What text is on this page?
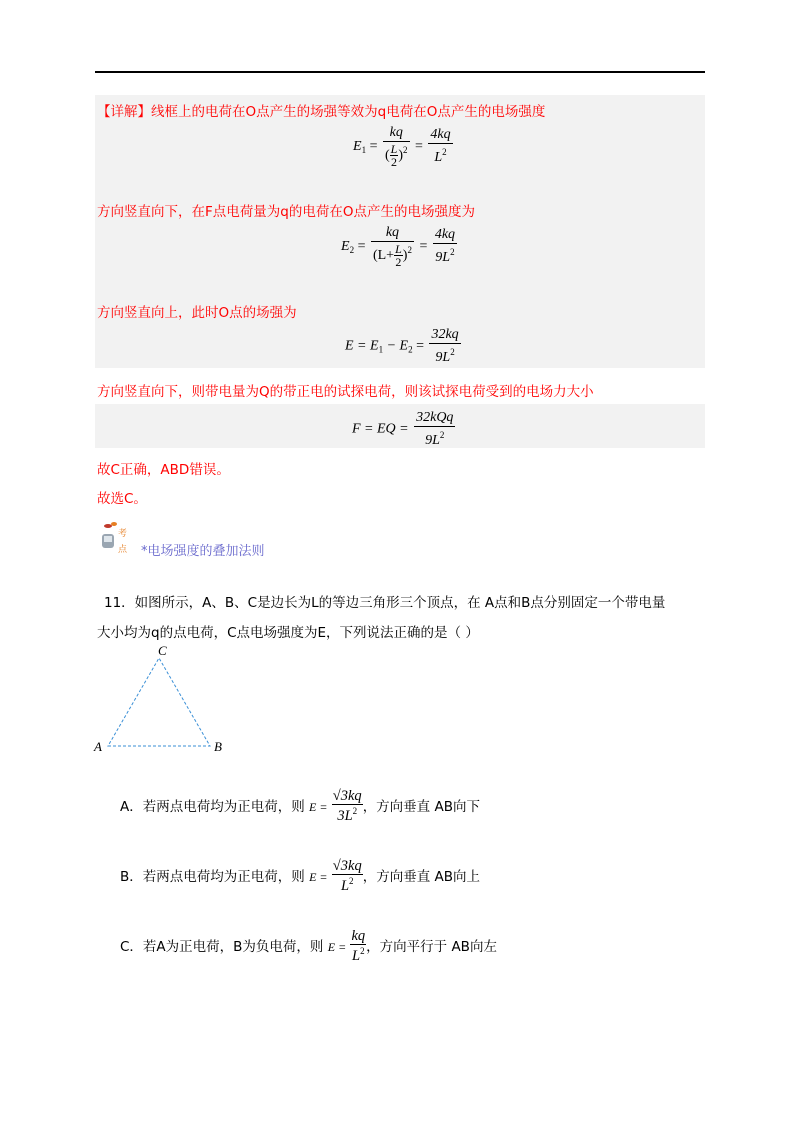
【详解】线框上的电荷在O点产生的场强等效为q电荷在O点产生的电场强度
$E_1 = \frac{kq}{( \frac{L}{2} )^2} = \frac{4kq}{L^2}$
方向竖直向下，在F点电荷量为q的电荷在O点产生的电场强度为
$E_2 = \frac{kq}{(L+ \frac{L}{2} )^2} = \frac{4kq}{9L^2}$
方向竖直向上，此时O点的场强为
$E = E_1 - E_2 = \frac{32kq}{9L^2}$
方向竖直向下，则带电量为Q的带正电的试探电荷，则该试探电荷受到的电场力大小
F = EQ = $\frac{\text{32kQq}}{9L^2}$
故C正确，ABD错误。
故选C。
考
点 *电场强度的叠加法则
11．如图所示，A、B、C是边长为L的等边三角形三个顶点，在 A点和B点分别固定一个带电量
大小均为q的点电荷，C点电场强度为E，下列说法正确的是（ ）
C
A	B
A．若两点电荷均为正电荷，则 $E = \frac{√3kq}{3L^2}$ ，方向垂直 AB向下
B．若两点电荷均为正电荷，则 $E = \frac{√3kq}{L^2}$ ，方向垂直 AB向上
C．若A为正电荷，B为负电荷，则 $E = \frac{kq}{L^2}$ ，方向平行于 AB向左
